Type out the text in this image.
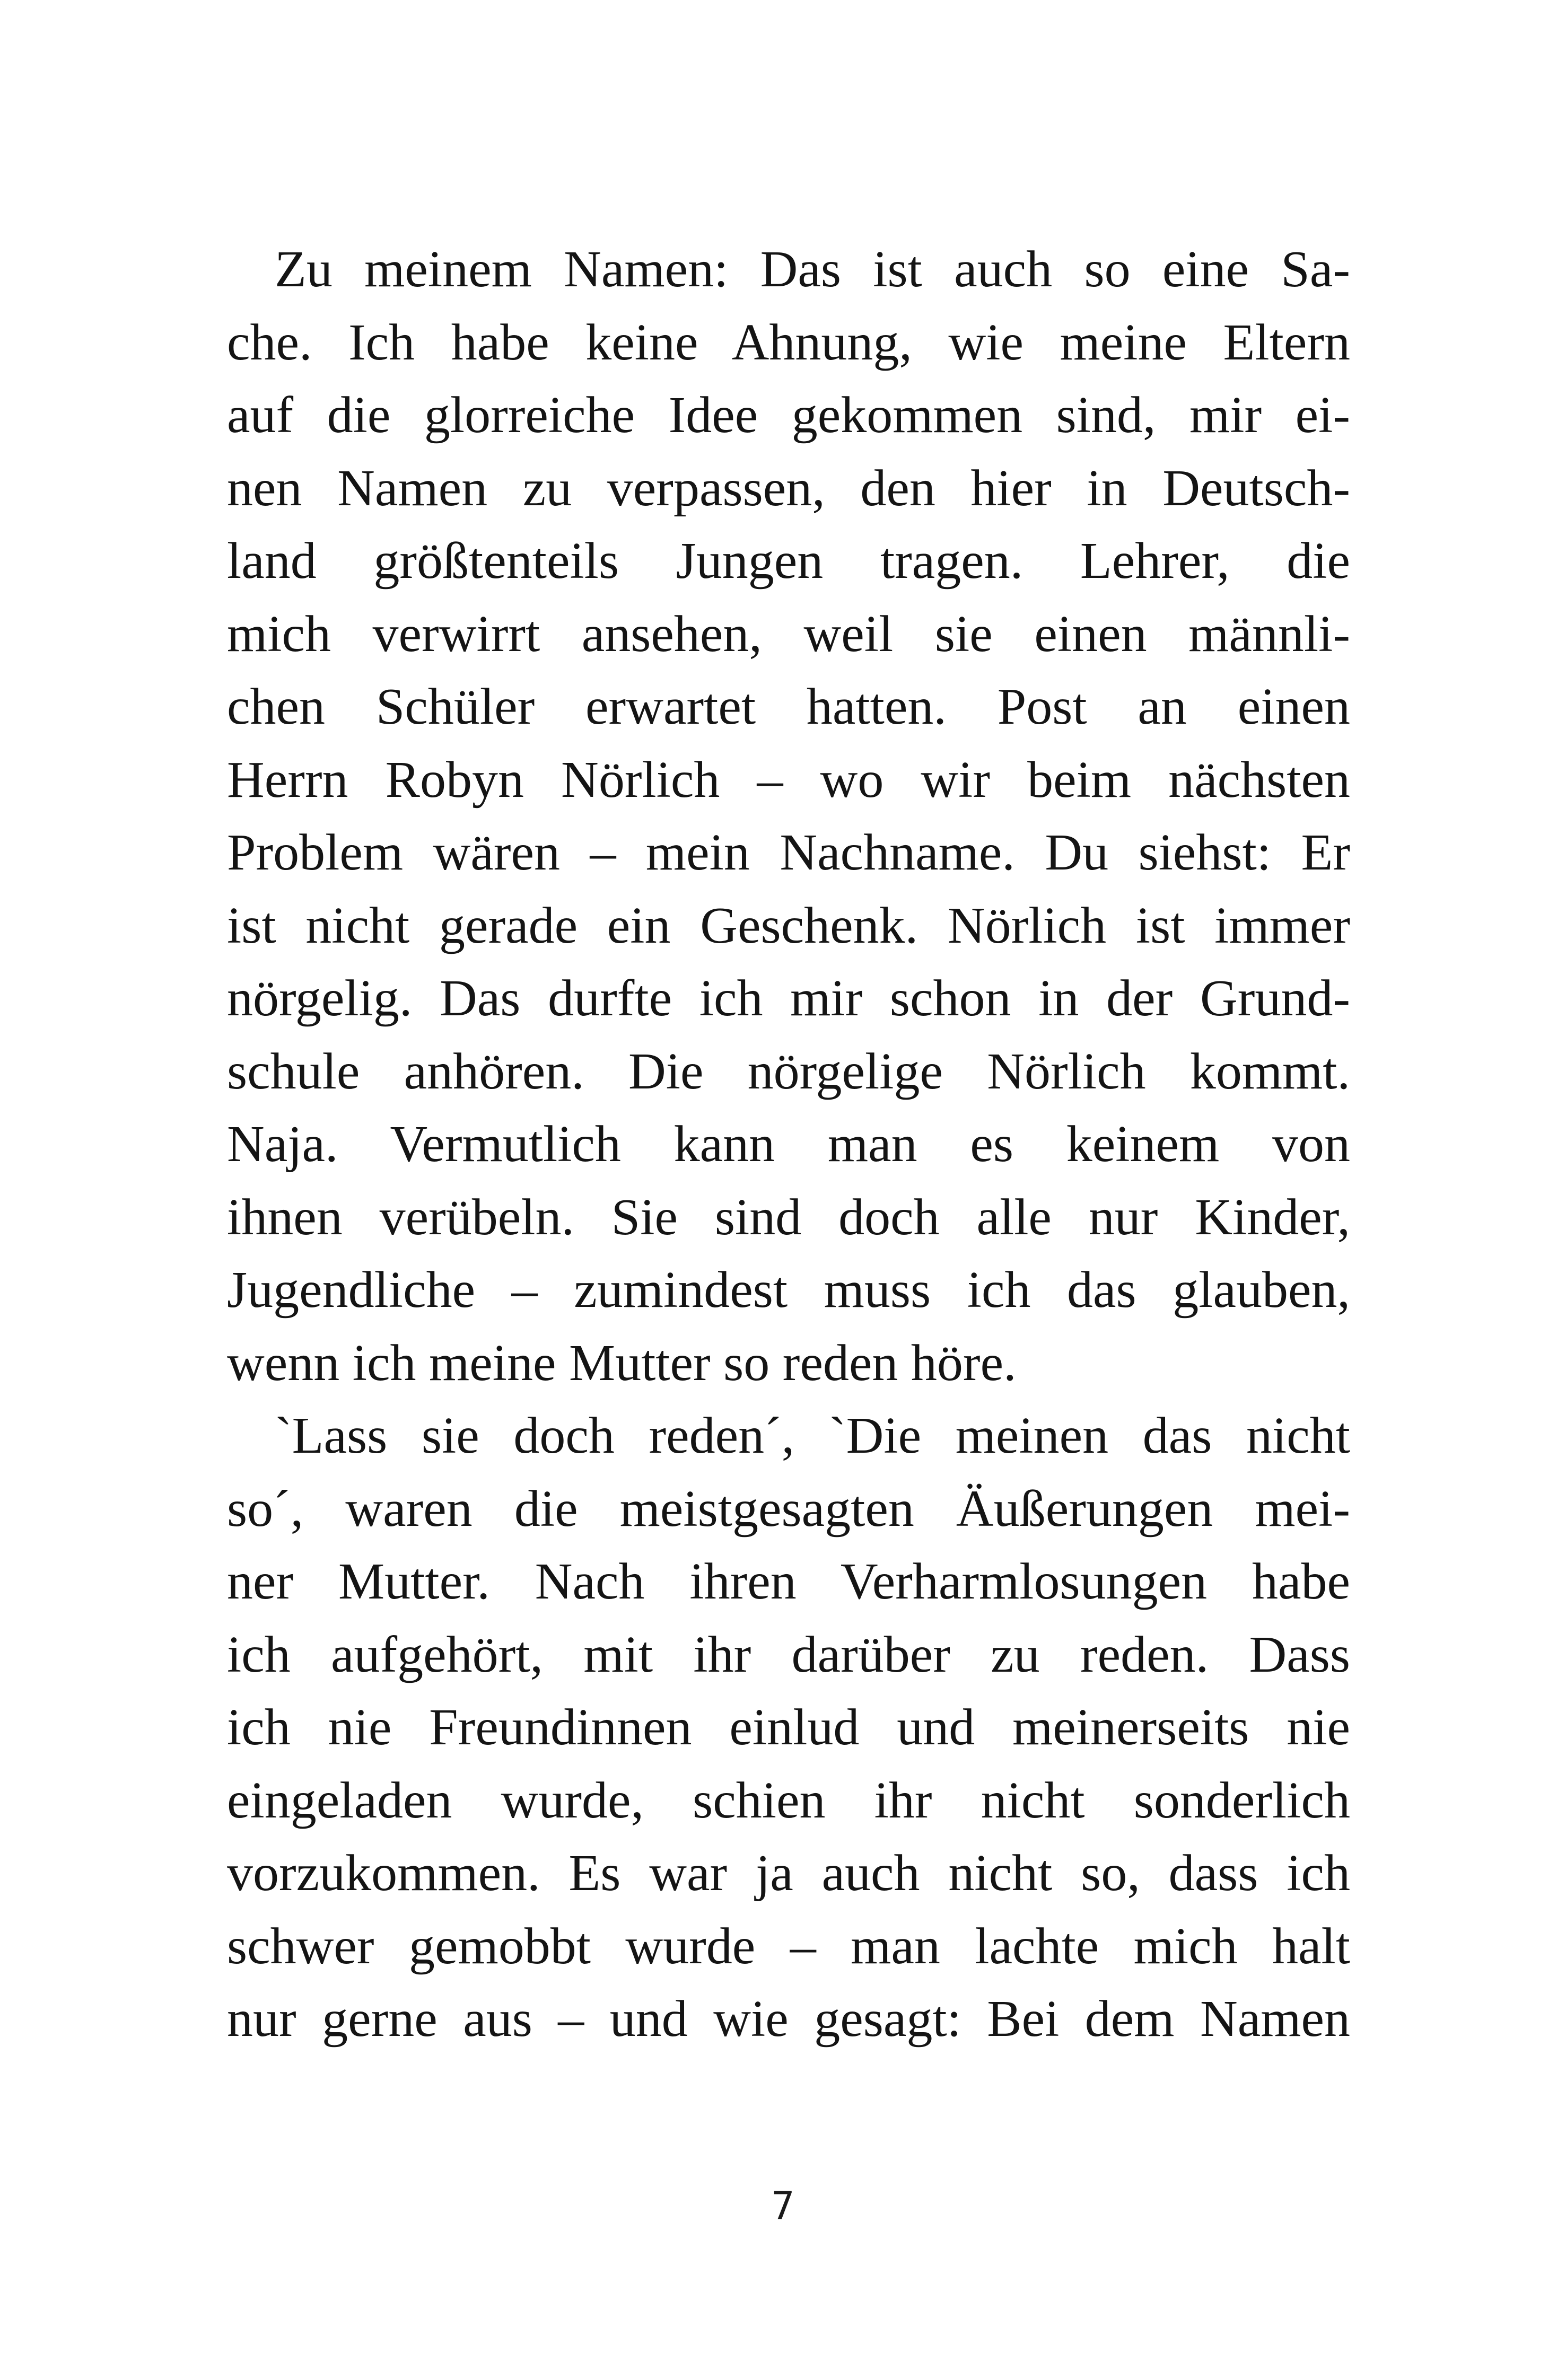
Zu meinem Namen: Das ist auch so eine Sa-
che. Ich habe keine Ahnung, wie meine Eltern
auf die glorreiche Idee gekommen sind, mir ei-
nen Namen zu verpassen, den hier in Deutsch-
land größtenteils Jungen tragen. Lehrer, die
mich verwirrt ansehen, weil sie einen männli-
chen Schüler erwartet hatten. Post an einen
Herrn Robyn Nörlich – wo wir beim nächsten
Problem wären – mein Nachname. Du siehst: Er
ist nicht gerade ein Geschenk. Nörlich ist immer
nörgelig. Das durfte ich mir schon in der Grund-
schule anhören. Die nörgelige Nörlich kommt.
Naja. Vermutlich kann man es keinem von
ihnen verübeln. Sie sind doch alle nur Kinder,
Jugendliche – zumindest muss ich das glauben,
wenn ich meine Mutter so reden höre.
`Lass sie doch reden´, `Die meinen das nicht
so´, waren die meistgesagten Äußerungen mei-
ner Mutter. Nach ihren Verharmlosungen habe
ich aufgehört, mit ihr darüber zu reden. Dass
ich nie Freundinnen einlud und meinerseits nie
eingeladen wurde, schien ihr nicht sonderlich
vorzukommen. Es war ja auch nicht so, dass ich
schwer gemobbt wurde – man lachte mich halt
nur gerne aus – und wie gesagt: Bei dem Namen
7
